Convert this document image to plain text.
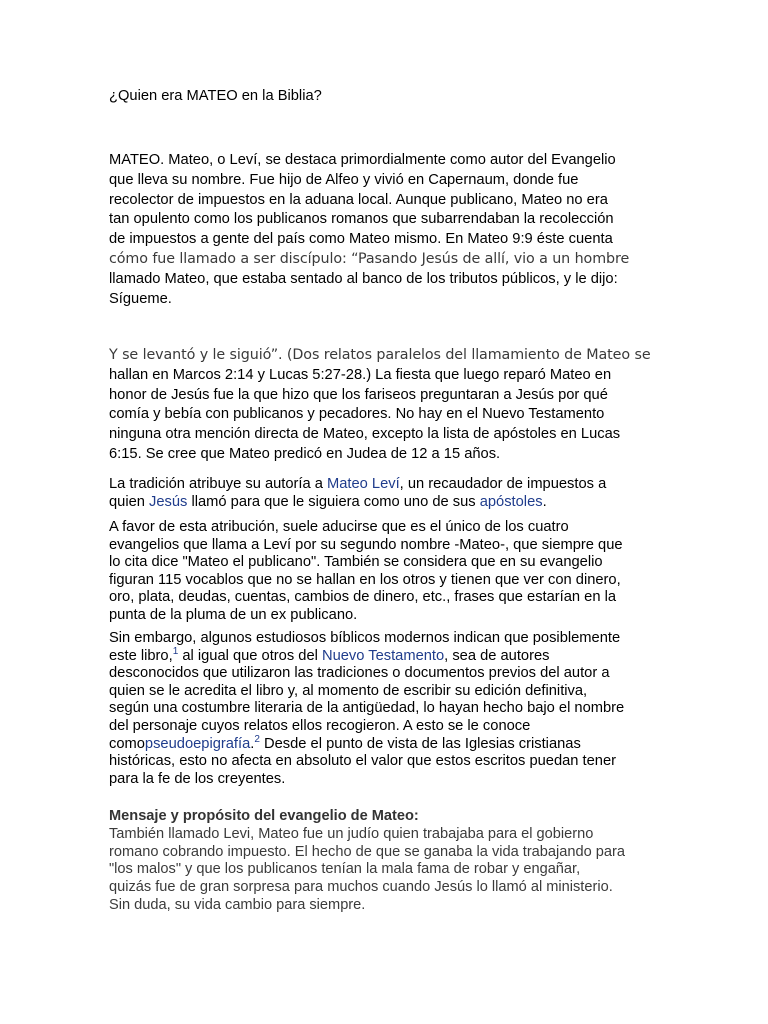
¿Quien era MATEO en la Biblia?
MATEO. Mateo, o Leví, se destaca primordialmente como autor del Evangelio
que lleva su nombre. Fue hijo de Alfeo y vivió en Capernaum, donde fue
recolector de impuestos en la aduana local. Aunque publicano, Mateo no era
tan opulento como los publicanos romanos que subarrendaban la recolección
de impuestos a gente del país como Mateo mismo. En Mateo 9:9 éste cuenta
cómo fue llamado a ser discípulo: “Pasando Jesús de allí, vio a un hombre
llamado Mateo, que estaba sentado al banco de los tributos públicos, y le dijo:
Sígueme.
Y se levantó y le siguió”. (Dos relatos paralelos del llamamiento de Mateo se
hallan en Marcos 2:14 y Lucas 5:27-28.) La fiesta que luego reparó Mateo en
honor de Jesús fue la que hizo que los fariseos preguntaran a Jesús por qué
comía y bebía con publicanos y pecadores. No hay en el Nuevo Testamento
ninguna otra mención directa de Mateo, excepto la lista de apóstoles en Lucas
6:15. Se cree que Mateo predicó en Judea de 12 a 15 años.
La tradición atribuye su autoría a Mateo Leví, un recaudador de impuestos a
quien Jesús llamó para que le siguiera como uno de sus apóstoles.
A favor de esta atribución, suele aducirse que es el único de los cuatro
evangelios que llama a Leví por su segundo nombre -Mateo-, que siempre que
lo cita dice "Mateo el publicano". También se considera que en su evangelio
figuran 115 vocablos que no se hallan en los otros y tienen que ver con dinero,
oro, plata, deudas, cuentas, cambios de dinero, etc., frases que estarían en la
punta de la pluma de un ex publicano.
Sin embargo, algunos estudiosos bíblicos modernos indican que posiblemente
este libro,$^1$ al igual que otros del Nuevo Testamento, sea de autores
desconocidos que utilizaron las tradiciones o documentos previos del autor a
quien se le acredita el libro y, al momento de escribir su edición definitiva,
según una costumbre literaria de la antigüedad, lo hayan hecho bajo el nombre
del personaje cuyos relatos ellos recogieron. A esto se le conoce
comopseudoepigrafía.$^2$ Desde el punto de vista de las Iglesias cristianas
históricas, esto no afecta en absoluto el valor que estos escritos puedan tener
para la fe de los creyentes.
Mensaje y propósito del evangelio de Mateo:
También llamado Levi, Mateo fue un judío quien trabajaba para el gobierno
romano cobrando impuesto. El hecho de que se ganaba la vida trabajando para
"los malos" y que los publicanos tenían la mala fama de robar y engañar,
quizás fue de gran sorpresa para muchos cuando Jesús lo llamó al ministerio.
Sin duda, su vida cambio para siempre.
